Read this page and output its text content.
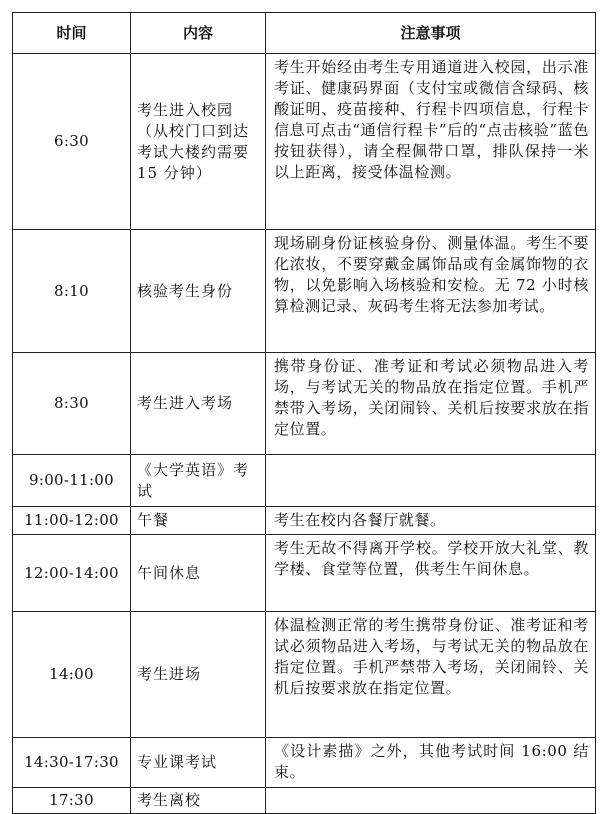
时间	内容	注意事项
6:30	考生进入校园（从校门口到达考试大楼约需要 15 分钟）	考生开始经由考生专用通道进入校园，出示准考证、健康码界面（支付宝或微信含绿码、核酸证明、疫苗接种、行程卡四项信息，行程卡信息可点击“通信行程卡”后的“点击核验”蓝色按钮获得），请全程佩带口罩，排队保持一米以上距离，接受体温检测。
8:10	核验考生身份	现场刷身份证核验身份、测量体温。考生不要化浓妆，不要穿戴金属饰品或有金属饰物的衣物，以免影响入场核验和安检。无 72 小时核算检测记录、灰码考生将无法参加考试。
8:30	考生进入考场	携带身份证、准考证和考试必须物品进入考场，与考试无关的物品放在指定位置。手机严禁带入考场，关闭闹铃、关机后按要求放在指定位置。
9:00-11:00	《大学英语》考试	
11:00-12:00	午餐	考生在校内各餐厅就餐。
12:00-14:00	午间休息	考生无故不得离开学校。学校开放大礼堂、教学楼、食堂等位置，供考生午间休息。
14:00	考生进场	体温检测正常的考生携带身份证、准考证和考试必须物品进入考场，与考试无关的物品放在指定位置。手机严禁带入考场，关闭闹铃、关机后按要求放在指定位置。
14:30-17:30	专业课考试	《设计素描》之外，其他考试时间 16:00 结束。
17:30	考生离校	
